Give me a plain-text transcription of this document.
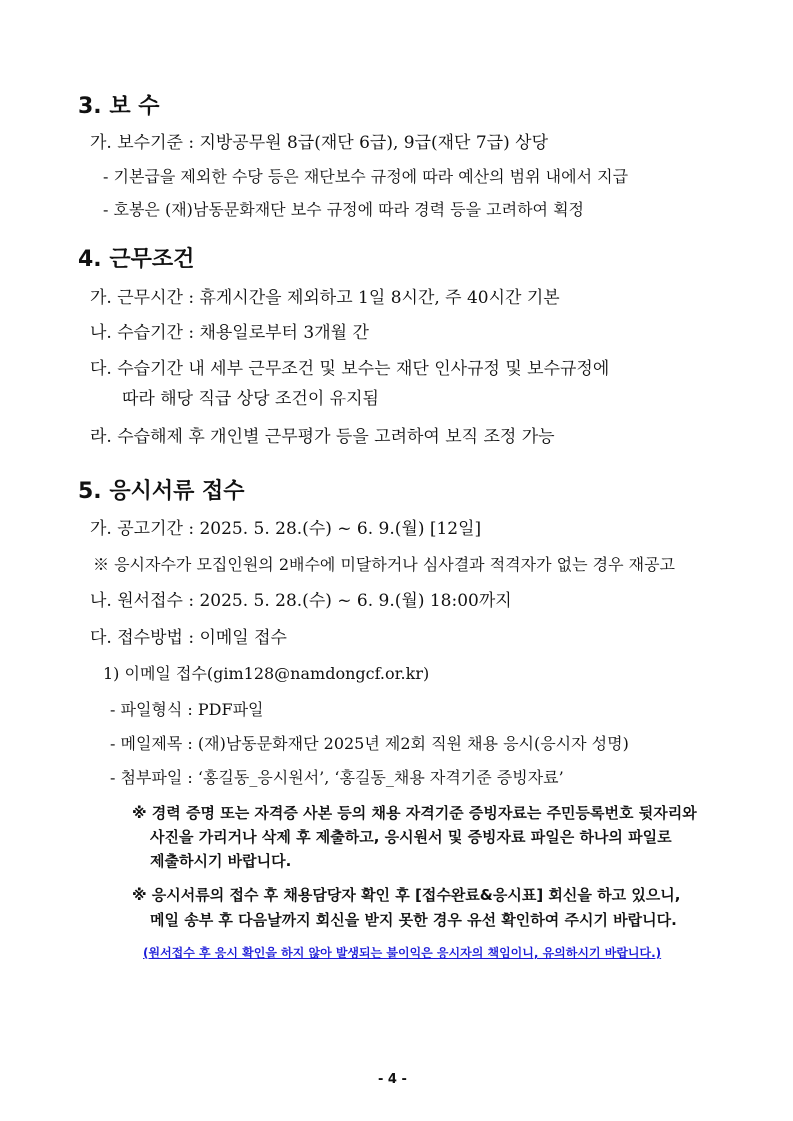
3. 보 수
가. 보수기준 : 지방공무원 8급(재단 6급), 9급(재단 7급) 상당
- 기본급을 제외한 수당 등은 재단보수 규정에 따라 예산의 범위 내에서 지급
- 호봉은 (재)남동문화재단 보수 규정에 따라 경력 등을 고려하여 획정
4. 근무조건
가. 근무시간 : 휴게시간을 제외하고 1일 8시간, 주 40시간 기본
나. 수습기간 : 채용일로부터 3개월 간
다. 수습기간 내 세부 근무조건 및 보수는 재단 인사규정 및 보수규정에
따라 해당 직급 상당 조건이 유지됨
라. 수습해제 후 개인별 근무평가 등을 고려하여 보직 조정 가능
5. 응시서류 접수
가. 공고기간 : 2025. 5. 28.(수) ~ 6. 9.(월) [12일]
※ 응시자수가 모집인원의 2배수에 미달하거나 심사결과 적격자가 없는 경우 재공고
나. 원서접수 : 2025. 5. 28.(수) ~ 6. 9.(월) 18:00까지
다. 접수방법 : 이메일 접수
1) 이메일 접수(gim128@namdongcf.or.kr)
- 파일형식 : PDF파일
- 메일제목 : (재)남동문화재단 2025년 제2회 직원 채용 응시(응시자 성명)
- 첨부파일 : ‘홍길동_응시원서’, ‘홍길동_채용 자격기준 증빙자료’
※ 경력 증명 또는 자격증 사본 등의 채용 자격기준 증빙자료는 주민등록번호 뒷자리와
사진을 가리거나 삭제 후 제출하고, 응시원서 및 증빙자료 파일은 하나의 파일로
제출하시기 바랍니다.
※ 응시서류의 접수 후 채용담당자 확인 후 [접수완료&응시표] 회신을 하고 있으니,
메일 송부 후 다음날까지 회신을 받지 못한 경우 유선 확인하여 주시기 바랍니다.
(원서접수 후 응시 확인을 하지 않아 발생되는 불이익은 응시자의 책임이니, 유의하시기 바랍니다.)
- 4 -
